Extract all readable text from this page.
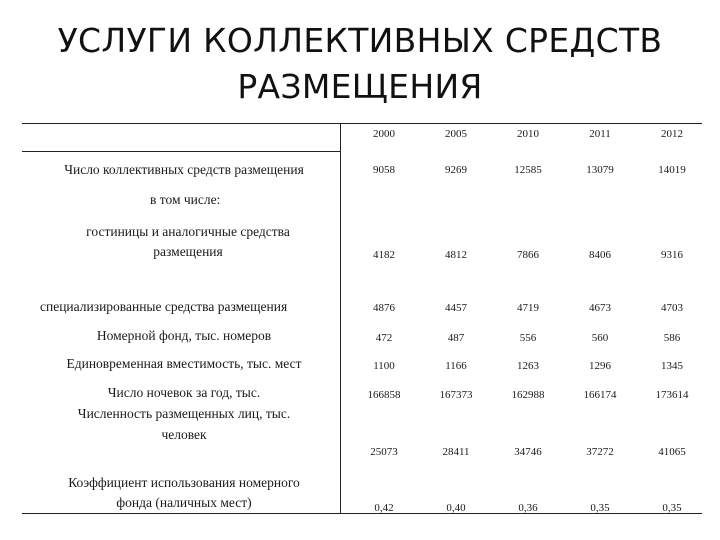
УСЛУГИ КОЛЛЕКТИВНЫХ СРЕДСТВ
РАЗМЕЩЕНИЯ
2000	2005	2010	2011	2012
Число коллективных средств размещения	9058	9269	12585	13079	14019
в том числе:
гостиницы и аналогичные средства
размещения	4182	4812	7866	8406	9316
специализированные средства размещения	4876	4457	4719	4673	4703
Номерной фонд, тыс. номеров	472	487	556	560	586
Единовременная вместимость, тыс. мест	1100	1166	1263	1296	1345
Число ночевок за год, тыс.	166858	167373	162988	166174	173614
Численность размещенных лиц, тыс.
человек
25073	28411	34746	37272	41065
Коэффициент использования номерного
фонда (наличных мест)	0,42	0,40	0,36	0,35	0,35
